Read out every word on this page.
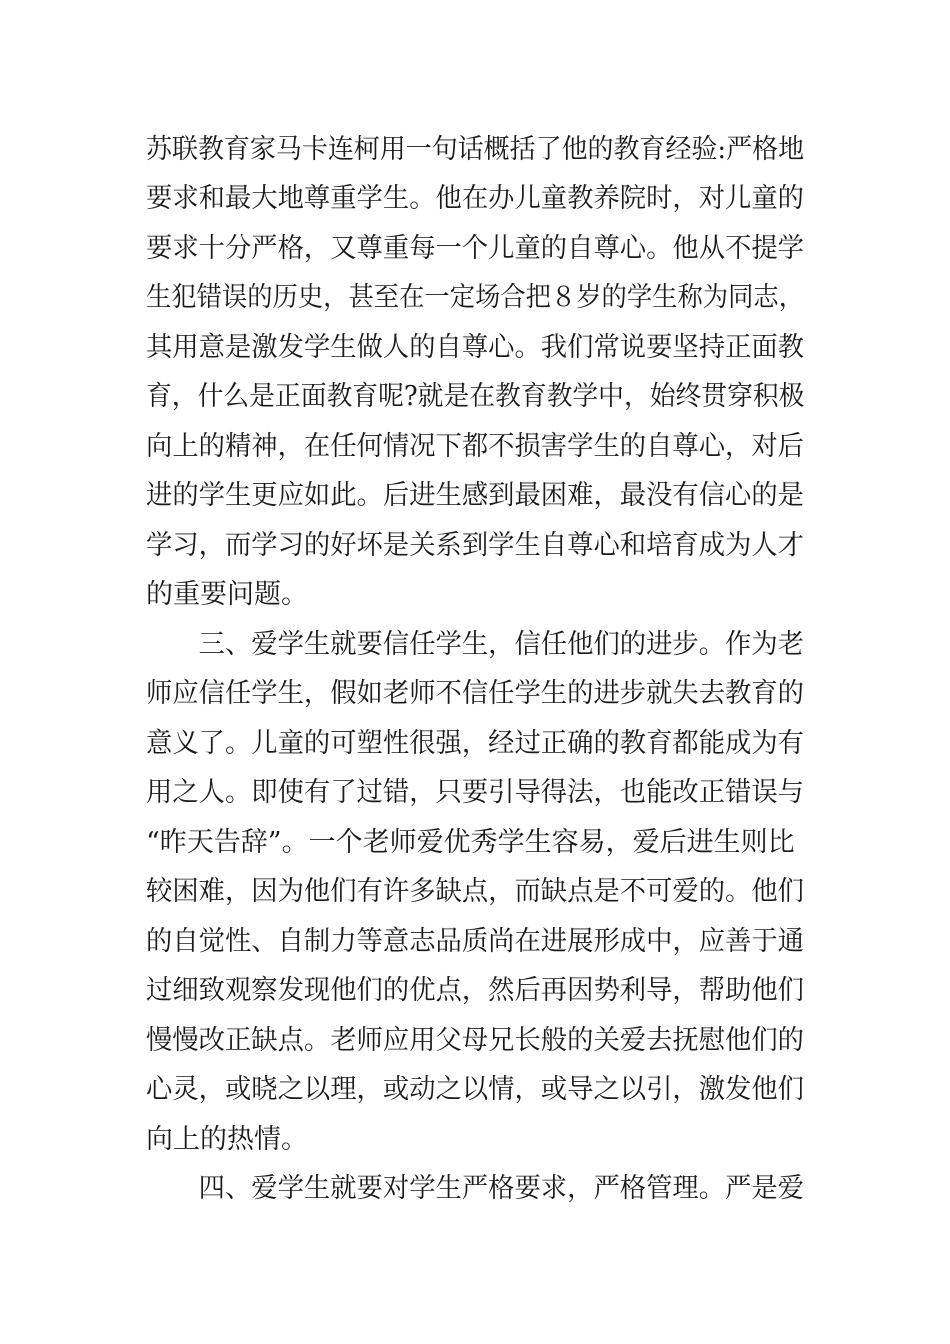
苏联教育家马卡连柯用一句话概括了他的教育经验:严格地
要求和最大地尊重学生。他在办儿童教养院时，对儿童的
要求十分严格，又尊重每一个儿童的自尊心。他从不提学
生犯错误的历史，甚至在一定场合把８岁的学生称为同志，
其用意是激发学生做人的自尊心。我们常说要坚持正面教
育，什么是正面教育呢?就是在教育教学中，始终贯穿积极
向上的精神，在任何情况下都不损害学生的自尊心，对后
进的学生更应如此。后进生感到最困难，最没有信心的是
学习，而学习的好坏是关系到学生自尊心和培育成为人才
的重要问题。
　　三、爱学生就要信任学生，信任他们的进步。作为老
师应信任学生，假如老师不信任学生的进步就失去教育的
意义了。儿童的可塑性很强，经过正确的教育都能成为有
用之人。即使有了过错，只要引导得法，也能改正错误与
“昨天告辞”。一个老师爱优秀学生容易，爱后进生则比
较困难，因为他们有许多缺点，而缺点是不可爱的。他们
的自觉性、自制力等意志品质尚在进展形成中，应善于通
过细致观察发现他们的优点，然后再因势利导，帮助他们
慢慢改正缺点。老师应用父母兄长般的关爱去抚慰他们的
心灵，或晓之以理，或动之以情，或导之以引，激发他们
向上的热情。
　　四、爱学生就要对学生严格要求，严格管理。严是爱
